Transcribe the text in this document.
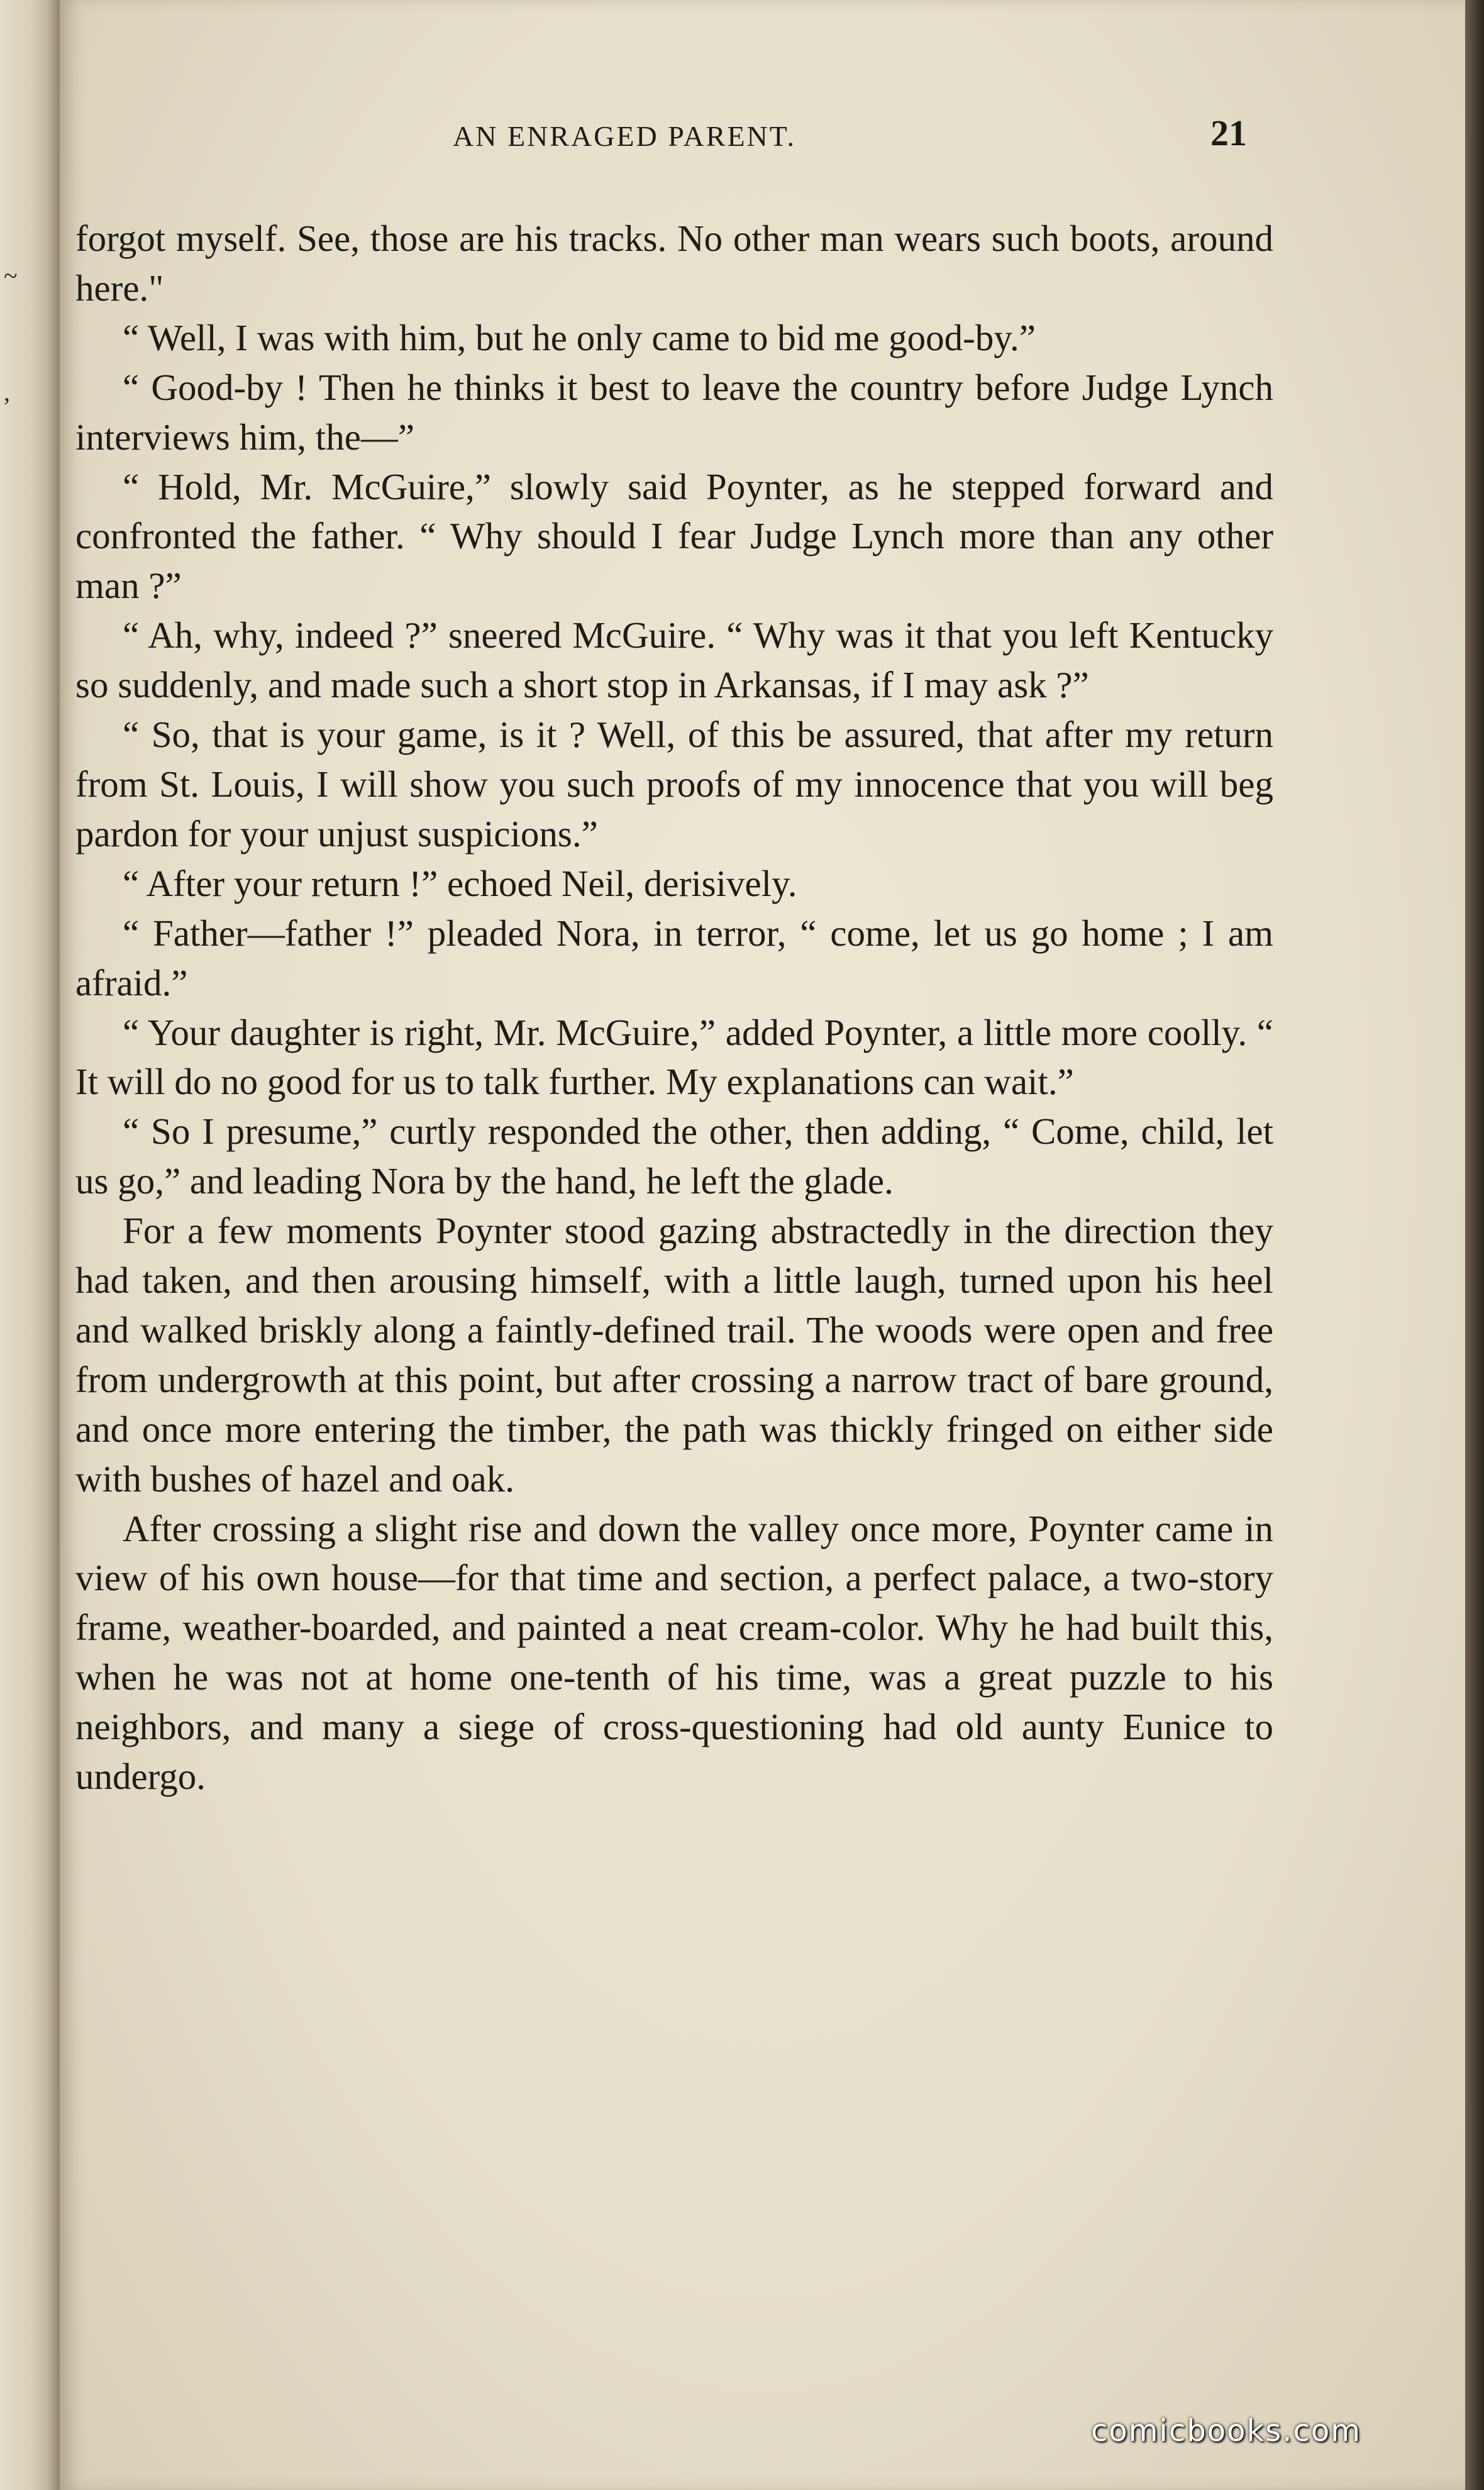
~
,
AN ENRAGED PARENT.	21

forgot myself. See, those are his tracks. No other man wears such boots, around here."

“ Well, I was with him, but he only came to bid me good-by.”

“ Good-by ! Then he thinks it best to leave the country before Judge Lynch interviews him, the—”

“ Hold, Mr. McGuire,” slowly said Poynter, as he stepped forward and confronted the father. “ Why should I fear Judge Lynch more than any other man ?”

“ Ah, why, indeed ?” sneered McGuire. “ Why was it that you left Kentucky so suddenly, and made such a short stop in Arkansas, if I may ask ?”

“ So, that is your game, is it ? Well, of this be assured, that after my return from St. Louis, I will show you such proofs of my innocence that you will beg pardon for your unjust suspicions.”

“ After your return !” echoed Neil, derisively.

“ Father—father !” pleaded Nora, in terror, “ come, let us go home ; I am afraid.”

“ Your daughter is right, Mr. McGuire,” added Poynter, a little more coolly. “ It will do no good for us to talk further. My explanations can wait.”

“ So I presume,” curtly responded the other, then adding, “ Come, child, let us go,” and leading Nora by the hand, he left the glade.

For a few moments Poynter stood gazing abstractedly in the direction they had taken, and then arousing himself, with a little laugh, turned upon his heel and walked briskly along a faintly-defined trail. The woods were open and free from undergrowth at this point, but after crossing a narrow tract of bare ground, and once more entering the timber, the path was thickly fringed on either side with bushes of hazel and oak.

After crossing a slight rise and down the valley once more, Poynter came in view of his own house—for that time and section, a perfect palace, a two-story frame, weather-boarded, and painted a neat cream-color. Why he had built this, when he was not at home one-tenth of his time, was a great puzzle to his neighbors, and many a siege of cross-questioning had old aunty Eunice to undergo.

comicbooks.com
